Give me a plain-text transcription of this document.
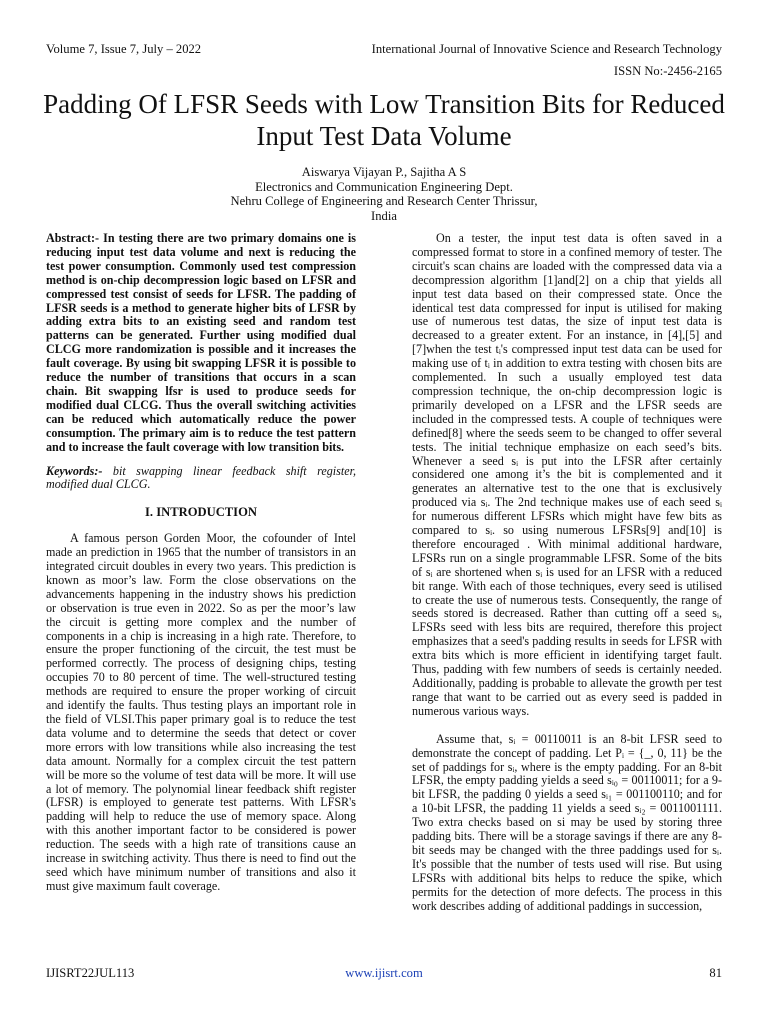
Volume 7, Issue 7, July – 2022	International Journal of Innovative Science and Research Technology
ISSN No:-2456-2165
Padding Of LFSR Seeds with Low Transition Bits for Reduced Input Test Data Volume
Aiswarya Vijayan P., Sajitha A S
Electronics and Communication Engineering Dept.
Nehru College of Engineering and Research Center Thrissur,
India

Abstract:- In testing there are two primary domains one is reducing input test data volume and next is reducing the test power consumption. Commonly used test compression method is on-chip decompression logic based on LFSR and compressed test consist of seeds for LFSR. The padding of LFSR seeds is a method to generate higher bits of LFSR by adding extra bits to an existing seed and random test patterns can be generated. Further using modified dual CLCG more randomization is possible and it increases the fault coverage. By using bit swapping LFSR it is possible to reduce the number of transitions that occurs in a scan chain. Bit swapping lfsr is used to produce seeds for modified dual CLCG. Thus the overall switching activities can be reduced which automatically reduce the power consumption. The primary aim is to reduce the test pattern and to increase the fault coverage with low transition bits.

Keywords:- bit swapping linear feedback shift register, modified dual CLCG.

I. INTRODUCTION

A famous person Gorden Moor, the cofounder of Intel made an prediction in 1965 that the number of transistors in an integrated circuit doubles in every two years. This prediction is known as moor’s law. Form the close observations on the advancements happening in the industry shows his prediction or observation is true even in 2022. So as per the moor’s law the circuit is getting more complex and the number of components in a chip is increasing in a high rate. Therefore, to ensure the proper functioning of the circuit, the test must be performed correctly. The process of designing chips, testing occupies 70 to 80 percent of time. The well-structured testing methods are required to ensure the proper working of circuit and identify the faults. Thus testing plays an important role in the field of VLSI.This paper primary goal is to reduce the test data volume and to determine the seeds that detect or cover more errors with low transitions while also increasing the test data amount. Normally for a complex circuit the test pattern will be more so the volume of test data will be more. It will use a lot of memory. The polynomial linear feedback shift register (LFSR) is employed to generate test patterns. With LFSR's padding will help to reduce the use of memory space. Along with this another important factor to be considered is power reduction. The seeds with a high rate of transitions cause an increase in switching activity. Thus there is need to find out the seed which have minimum number of transitions and also it must give maximum fault coverage.

On a tester, the input test data is often saved in a compressed format to store in a confined memory of tester. The circuit's scan chains are loaded with the compressed data via a decompression algorithm [1]and[2] on a chip that yields all input test data based on their compressed state. Once the identical test data compressed for input is utilised for making use of numerous test datas, the size of input test data is decreased to a greater extent. For an instance, in [4],[5] and [7]when the test tᵢ's compressed input test data can be used for making use of tᵢ in addition to extra testing with chosen bits are complemented. In such a usually employed test data compression technique, the on-chip decompression logic is primarily developed on a LFSR and the LFSR seeds are included in the compressed tests. A couple of techniques were defined[8] where the seeds seem to be changed to offer several tests. The initial technique emphasize on each seed’s bits. Whenever a seed sᵢ is put into the LFSR after certainly considered one among it’s the bit is complemented and it generates an alternative test to the one that is exclusively produced via sᵢ. The 2nd technique makes use of each seed sᵢ for numerous different LFSRs which might have few bits as compared to sᵢ. so using numerous LFSRs[9] and[10] is therefore encouraged . With minimal additional hardware, LFSRs run on a single programmable LFSR. Some of the bits of sᵢ are shortened when sᵢ is used for an LFSR with a reduced bit range. With each of those techniques, every seed is utilised to create the use of numerous tests. Consequently, the range of seeds stored is decreased. Rather than cutting off a seed sᵢ, LFSRs seed with less bits are required, therefore this project emphasizes that a seed's padding results in seeds for LFSR with extra bits which is more efficient in identifying target fault. Thus, padding with few numbers of seeds is certainly needed. Additionally, padding is probable to allevate the growth per test range that want to be carried out as every seed is padded in numerous various ways.

Assume that, sᵢ = 00110011 is an 8-bit LFSR seed to demonstrate the concept of padding. Let Pᵢ = {_, 0, 11} be the set of paddings for sᵢ, where is the empty padding. For an 8-bit LFSR, the empty padding yields a seed sᵢ₀ = 00110011; for a 9-bit LFSR, the padding 0 yields a seed sᵢ₁ = 001100110; and for a 10-bit LFSR, the padding 11 yields a seed sᵢ₂ = 0011001111. Two extra checks based on si may be used by storing three padding bits. There will be a storage savings if there are any 8-bit seeds may be changed with the three paddings used for sᵢ. It's possible that the number of tests used will rise. But using LFSRs with additional bits helps to reduce the spike, which permits for the detection of more defects. The process in this work describes adding of additional paddings in succession,

IJISRT22JUL113	www.ijisrt.com	81
